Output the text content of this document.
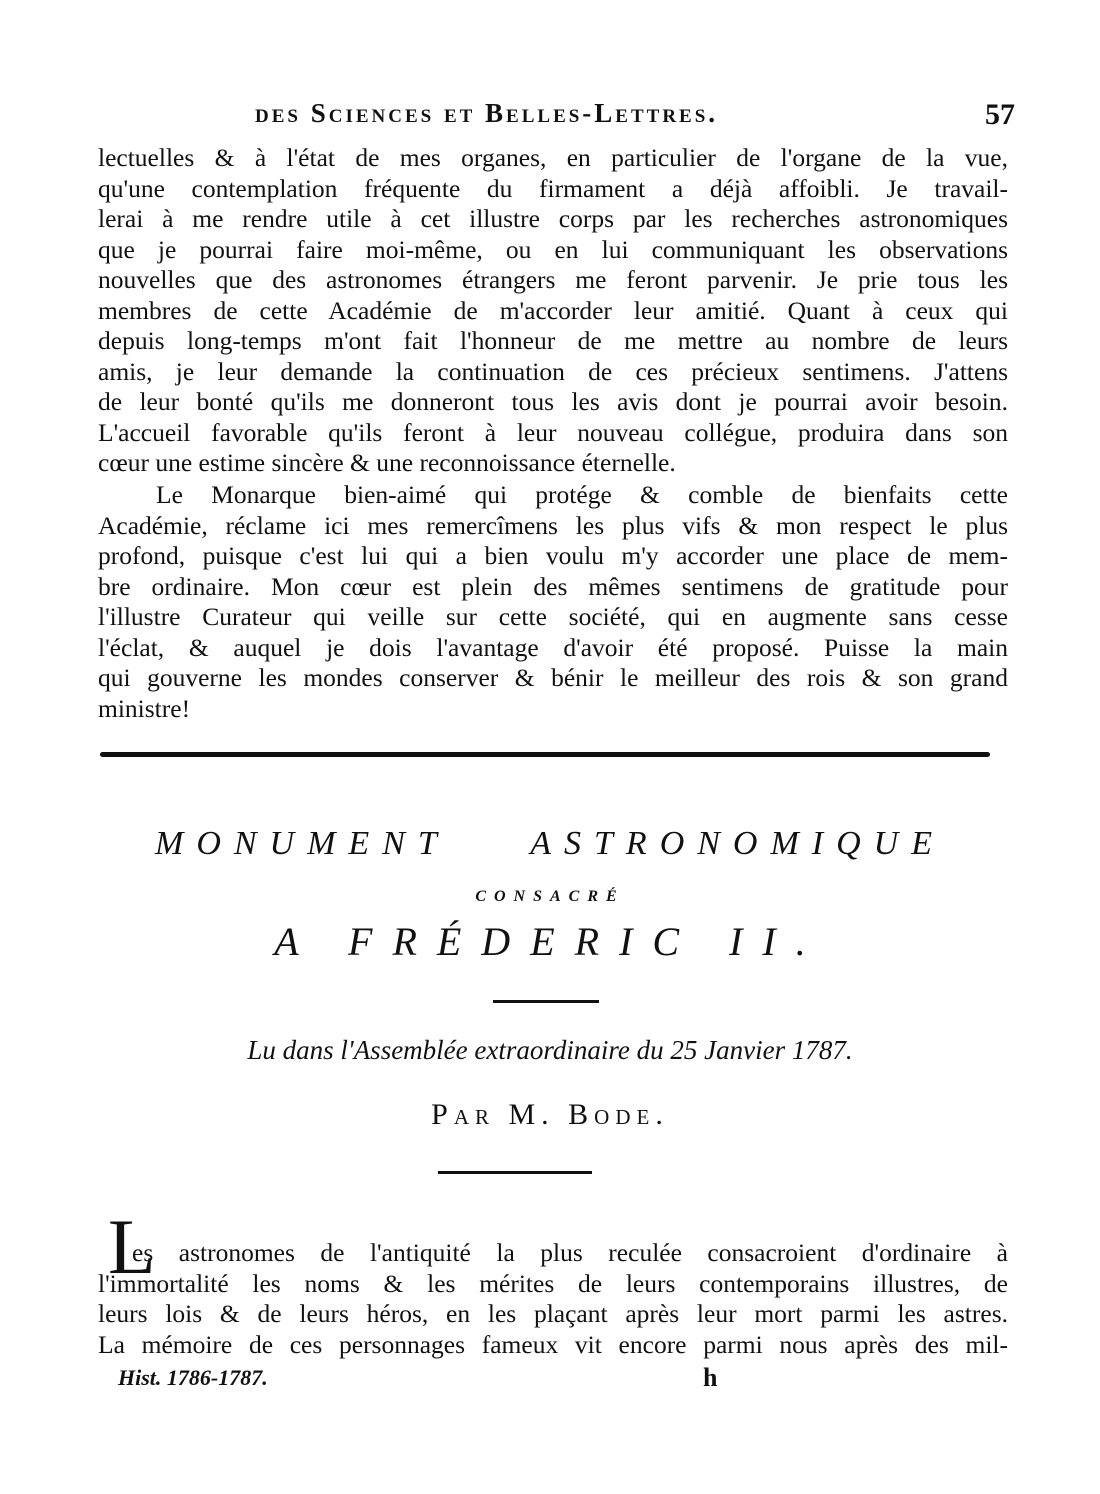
des Sciences et Belles-Lettres.	57
lectuelles & à l'état de mes organes, en particulier de l'organe de la vue,
qu'une contemplation fréquente du firmament a déjà affoibli. Je travail-
lerai à me rendre utile à cet illustre corps par les recherches astronomiques
que je pourrai faire moi-même, ou en lui communiquant les observations
nouvelles que des astronomes étrangers me feront parvenir. Je prie tous les
membres de cette Académie de m'accorder leur amitié. Quant à ceux qui
depuis long-temps m'ont fait l'honneur de me mettre au nombre de leurs
amis, je leur demande la continuation de ces précieux sentimens. J'attens
de leur bonté qu'ils me donneront tous les avis dont je pourrai avoir besoin.
L'accueil favorable qu'ils feront à leur nouveau collégue, produira dans son
cœur une estime sincère & une reconnoissance éternelle.
Le Monarque bien-aimé qui protége & comble de bienfaits cette
Académie, réclame ici mes remercîmens les plus vifs & mon respect le plus
profond, puisque c'est lui qui a bien voulu m'y accorder une place de mem-
bre ordinaire. Mon cœur est plein des mêmes sentimens de gratitude pour
l'illustre Curateur qui veille sur cette société, qui en augmente sans cesse
l'éclat, & auquel je dois l'avantage d'avoir été proposé. Puisse la main
qui gouverne les mondes conserver & bénir le meilleur des rois & son grand
ministre!
MONUMENT ASTRONOMIQUE
CONSACRÉ
A FRÉDERIC II.
Lu dans l'Assemblée extraordinaire du 25 Janvier 1787.
Par M. Bode.
L
es astronomes de l'antiquité la plus reculée consacroient d'ordinaire à
l'immortalité les noms & les mérites de leurs contemporains illustres, de
leurs lois & de leurs héros, en les plaçant après leur mort parmi les astres.
La mémoire de ces personnages fameux vit encore parmi nous après des mil-
Hist. 1786-1787.	h
